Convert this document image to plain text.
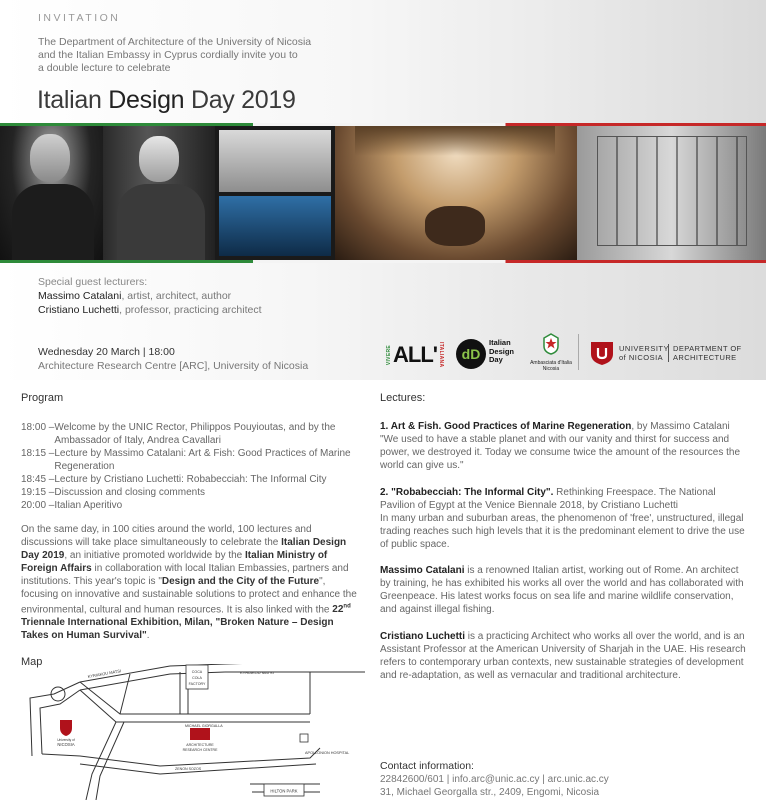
INVITATION
The Department of Architecture of the University of Nicosia
and the Italian Embassy in Cyprus cordially invite you to
a double lecture to celebrate
Italian Design Day 2019
Special guest lecturers:
Massimo Catalani, artist, architect, author
Cristiano Luchetti, professor, practicing architect
Wednesday 20 March | 18:00
Architecture Research Centre [ARC], University of Nicosia
VIVERE ALL' ITALIANA	dD
Italian Design Day	Ambasciata d'Italia Nicosia
UNIVERSITY
of NICOSIA
DEPARTMENT OF
ARCHITECTURE
Program
18:00 – Welcome by the UNIC Rector, Philippos Pouyioutas, and by the Ambassador of Italy, Andrea Cavallari
18:15 – Lecture by Massimo Catalani: Art & Fish: Good Practices of Marine Regeneration
18:45 – Lecture by Cristiano Luchetti: Robabecciah: The Informal City
19:15 – Discussion and closing comments
20:00 – Italian Aperitivo
On the same day, in 100 cities around the world, 100 lectures and discussions will take place simultaneously to celebrate the Italian Design Day 2019, an initiative promoted worldwide by the Italian Ministry of Foreign Affairs in collaboration with local Italian Embassies, partners and institutions. This year's topic is "Design and the City of the Future", focusing on innovative and sustainable solutions to protect and enhance the environmental, cultural and human resources. It is also linked with the 22nd Triennale International Exhibition, Milan, "Broken Nature – Design Takes on Human Survival".
Map
COCA
COLA
FACTORY
ARCHITECTURE
RESEARCH CENTRE
APOLLONION HOSPITAL
HILTON PARK
KYRIAKOU MATSI
KYRIAKOU MATSI
MICHAEL GIORGALLA
ZENON SOZOS
University of
NICOSIA
Lectures:
1. Art & Fish. Good Practices of Marine Regeneration, by Massimo Catalani
"We used to have a stable planet and with our vanity and thirst for success and power, we destroyed it. Today we consume twice the amount of the resources the world can give us."
2. "Robabecciah: The Informal City". Rethinking Freespace. The National Pavilion of Egypt at the Venice Biennale 2018, by Cristiano Luchetti
In many urban and suburban areas, the phenomenon of 'free', unstructured, illegal trading reaches such high levels that it is the predominant element to drive the use of public space.
Massimo Catalani is a renowned Italian artist, working out of Rome. An architect by training, he has exhibited his works all over the world and has collaborated with Greenpeace. His latest works focus on sea life and marine wildlife conservation, and against illegal fishing.
Cristiano Luchetti is a practicing Architect who works all over the world, and is an Assistant Professor at the American University of Sharjah in the UAE. His research refers to contemporary urban contexts, new sustainable strategies of development and re-adaptation, as well as vernacular and traditional architecture.
Contact information:
22842600/601 | info.arc@unic.ac.cy | arc.unic.ac.cy
31, Michael Georgalla str., 2409, Engomi, Nicosia
